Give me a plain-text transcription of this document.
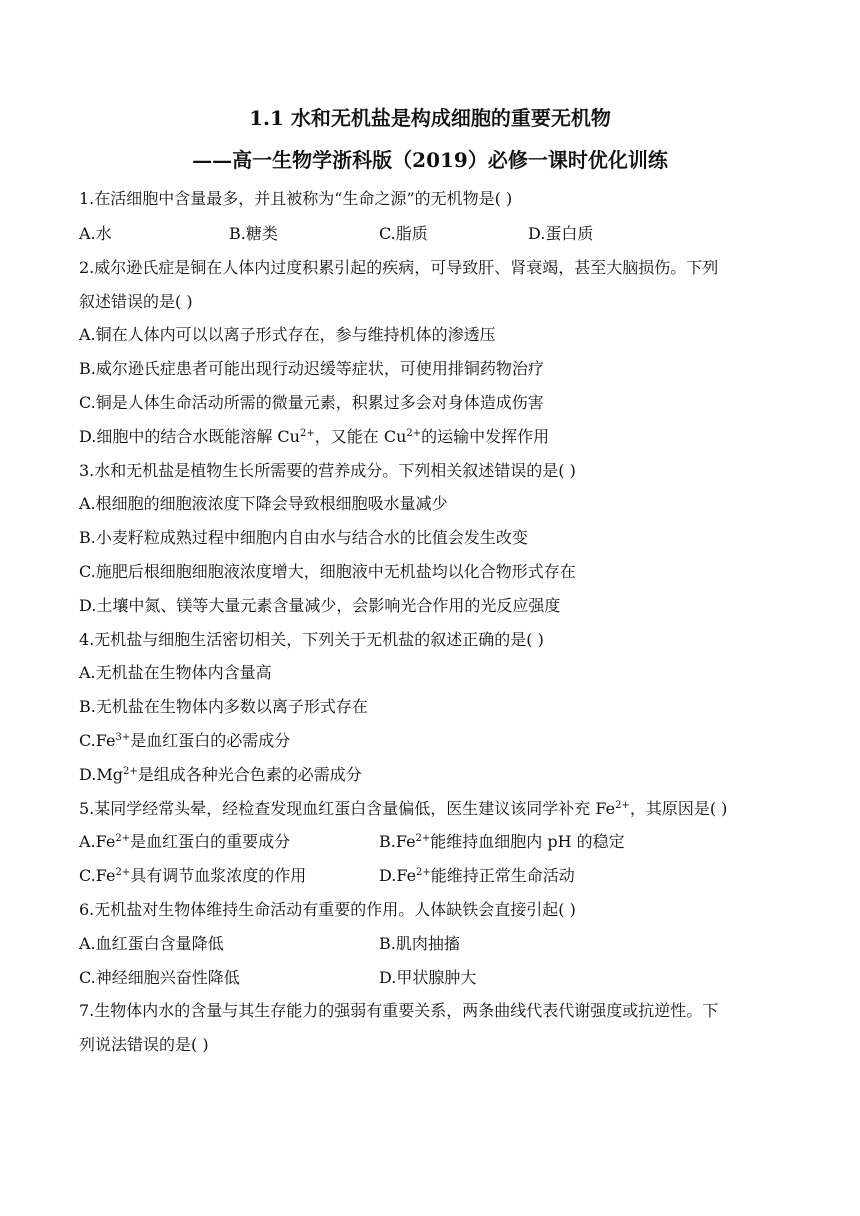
1.1 水和无机盐是构成细胞的重要无机物
——高一生物学浙科版（2019）必修一课时优化训练
1.在活细胞中含量最多，并且被称为“生命之源”的无机物是( )
A.水	B.糖类	C.脂质	D.蛋白质
2.威尔逊氏症是铜在人体内过度积累引起的疾病，可导致肝、肾衰竭，甚至大脑损伤。下列
叙述错误的是( )
A.铜在人体内可以以离子形式存在，参与维持机体的渗透压
B.威尔逊氏症患者可能出现行动迟缓等症状，可使用排铜药物治疗
C.铜是人体生命活动所需的微量元素，积累过多会对身体造成伤害
D.细胞中的结合水既能溶解 $Cu^{2+}$，又能在 $Cu^{2+}$的运输中发挥作用
3.水和无机盐是植物生长所需要的营养成分。下列相关叙述错误的是( )
A.根细胞的细胞液浓度下降会导致根细胞吸水量减少
B.小麦籽粒成熟过程中细胞内自由水与结合水的比值会发生改变
C.施肥后根细胞细胞液浓度增大，细胞液中无机盐均以化合物形式存在
D.土壤中氮、镁等大量元素含量减少，会影响光合作用的光反应强度
4.无机盐与细胞生活密切相关，下列关于无机盐的叙述正确的是( )
A.无机盐在生物体内含量高
B.无机盐在生物体内多数以离子形式存在
$C.Fe^{3+}$是血红蛋白的必需成分
$D.Mg^{2+}$是组成各种光合色素的必需成分
5.某同学经常头晕，经检查发现血红蛋白含量偏低，医生建议该同学补充 $Fe^{2+}$，其原因是( )
$A.Fe^{2+}$是血红蛋白的重要成分	$B.Fe^{2+}$能维持血细胞内 pH 的稳定
$C.Fe^{2+}$具有调节血浆浓度的作用	$D.Fe^{2+}$能维持正常生命活动
6.无机盐对生物体维持生命活动有重要的作用。人体缺铁会直接引起( )
A.血红蛋白含量降低	B.肌肉抽搐
C.神经细胞兴奋性降低	D.甲状腺肿大
7.生物体内水的含量与其生存能力的强弱有重要关系，两条曲线代表代谢强度或抗逆性。下
列说法错误的是( )
